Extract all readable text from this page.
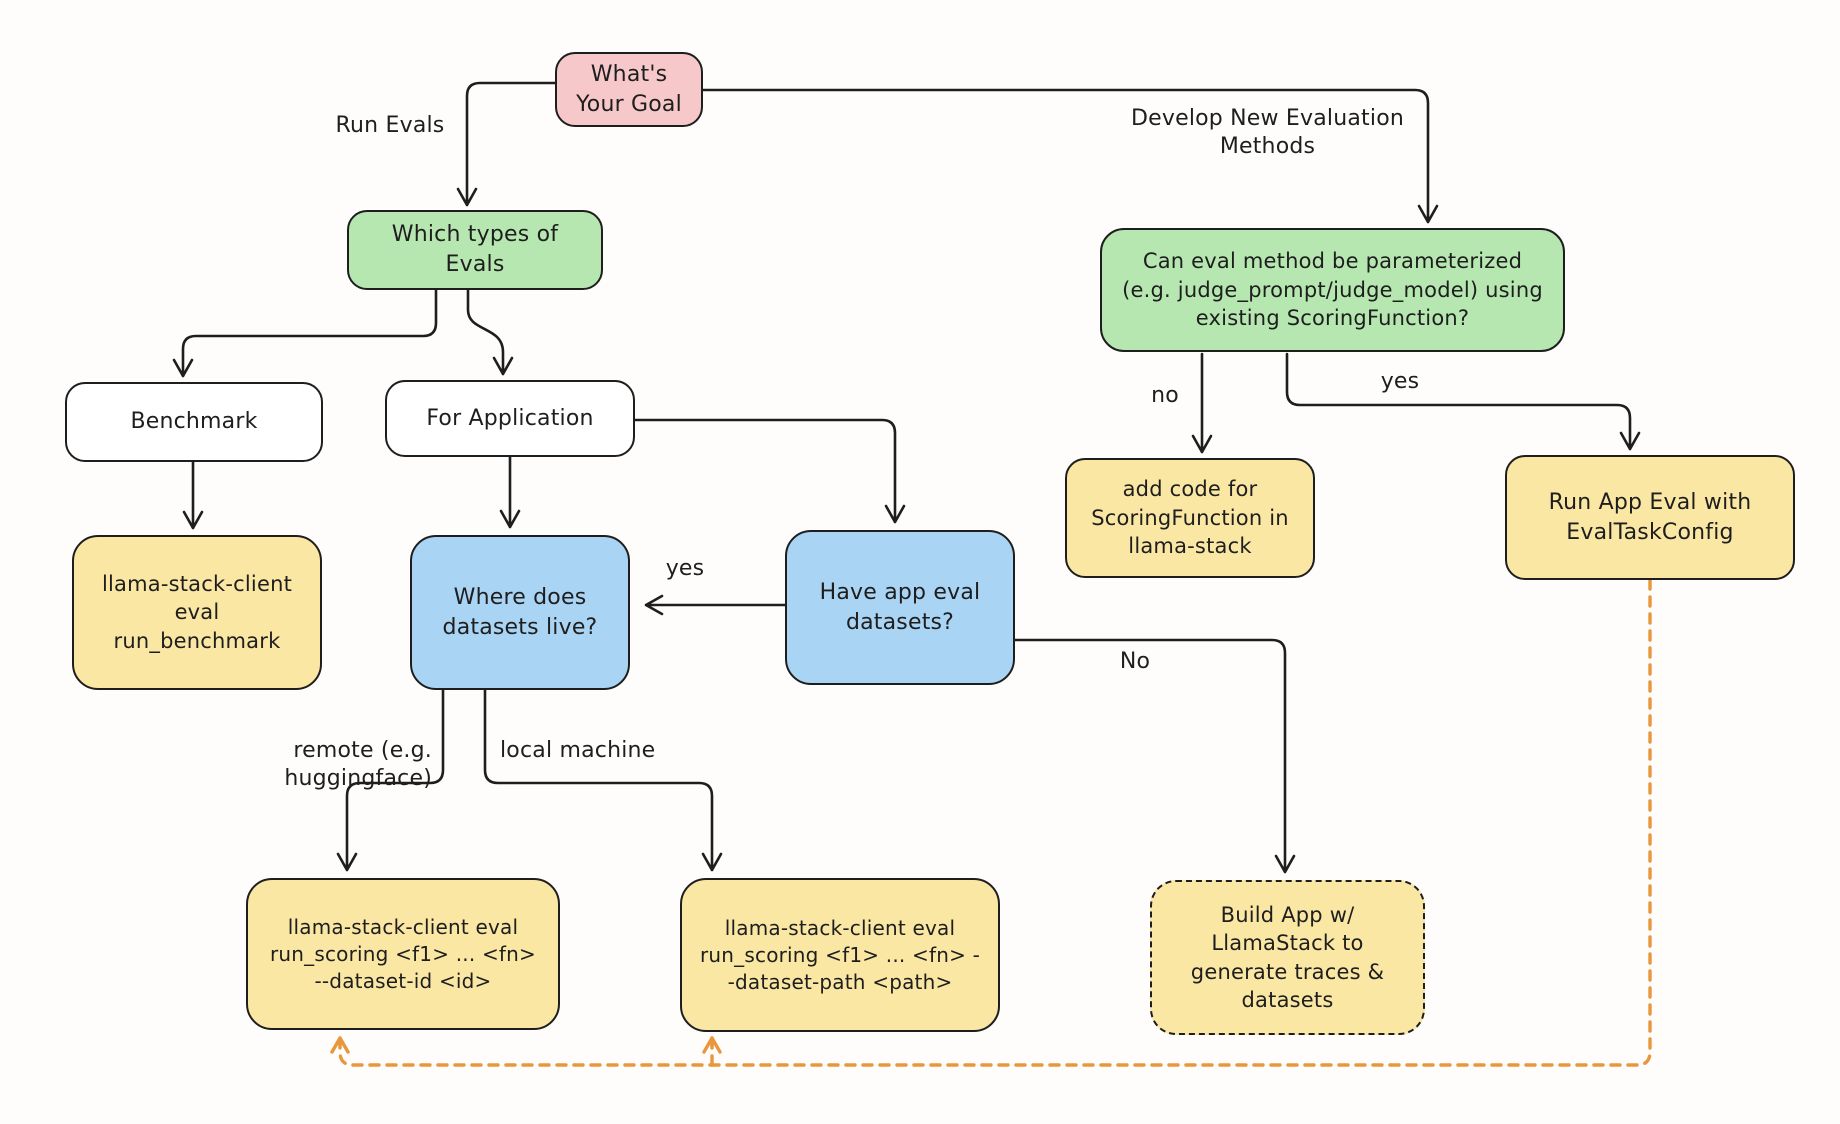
What's Your Goal
Which types of Evals	Can eval method be parameterized (e.g. judge_prompt/judge_model) using existing ScoringFunction?
Benchmark	For Application
llama-stack-client eval run_benchmark
Where does datasets live?
Have app eval datasets?
add code for ScoringFunction in llama-stack
Run App Eval with EvalTaskConfig
llama-stack-client eval run_scoring <f1> ... <fn> --dataset-id <id>
llama-stack-client eval run_scoring <f1> ... <fn> --dataset-path <path>
Build App w/ LlamaStack to generate traces & datasets
Run Evals	Develop New Evaluation Methods
no
yes
yes
No
remote (e.g. huggingface)
local machine
